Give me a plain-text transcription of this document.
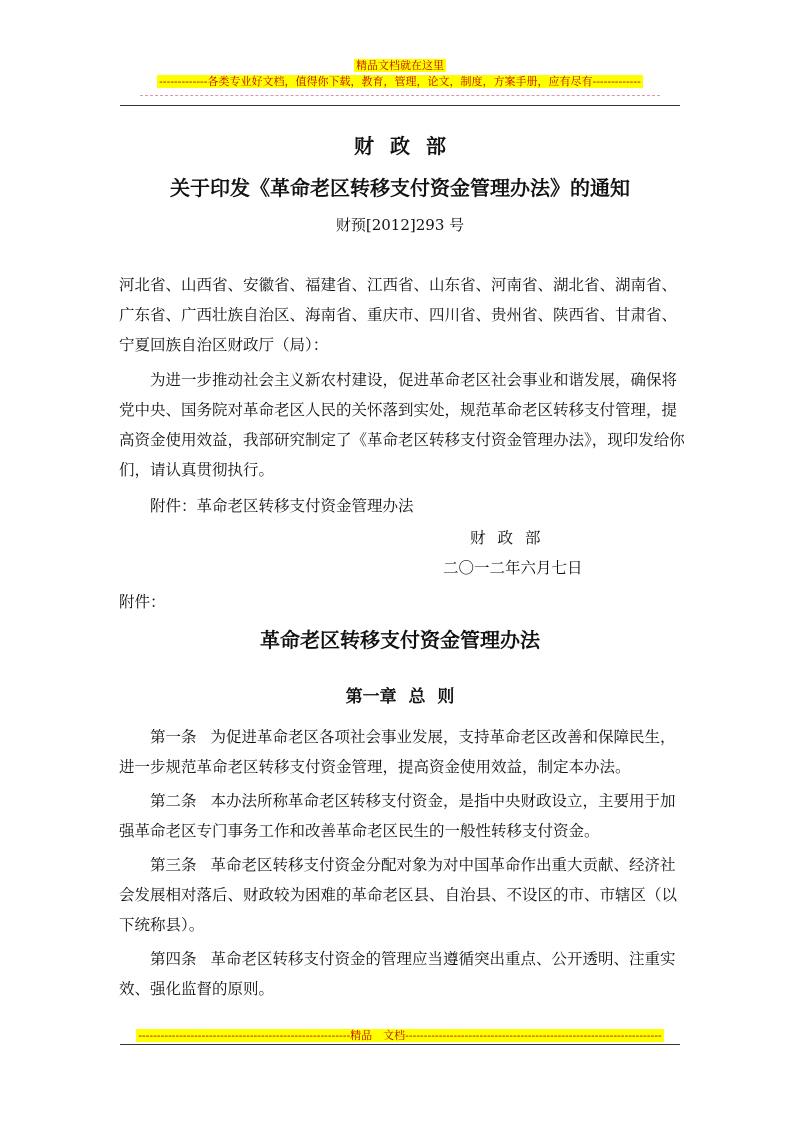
精品文档就在这里
-------------各类专业好文档，值得你下载，教育，管理，论文，制度，方案手册，应有尽有-------------
财政部
关于印发《革命老区转移支付资金管理办法》的通知
财预[2012]293 号
河北省、山西省、安徽省、福建省、江西省、山东省、河南省、湖北省、湖南省、广东省、广西壮族自治区、海南省、重庆市、四川省、贵州省、陕西省、甘肃省、宁夏回族自治区财政厅（局）：

为进一步推动社会主义新农村建设，促进革命老区社会事业和谐发展，确保将党中央、国务院对革命老区人民的关怀落到实处，规范革命老区转移支付管理，提高资金使用效益，我部研究制定了《革命老区转移支付资金管理办法》，现印发给你们，请认真贯彻执行。

附件：革命老区转移支付资金管理办法
财政部
二〇一二年六月七日
附件：
革命老区转移支付资金管理办法
第一章  总  则

第一条 为促进革命老区各项社会事业发展，支持革命老区改善和保障民生，进一步规范革命老区转移支付资金管理，提高资金使用效益，制定本办法。

第二条 本办法所称革命老区转移支付资金，是指中央财政设立，主要用于加强革命老区专门事务工作和改善革命老区民生的一般性转移支付资金。

第三条 革命老区转移支付资金分配对象为对中国革命作出重大贡献、经济社会发展相对落后、财政较为困难的革命老区县、自治县、不设区的市、市辖区（以下统称县）。

第四条 革命老区转移支付资金的管理应当遵循突出重点、公开透明、注重实效、强化监督的原则。

---------------------------------------------------------精品　文档---------------------------------------------------------------------
